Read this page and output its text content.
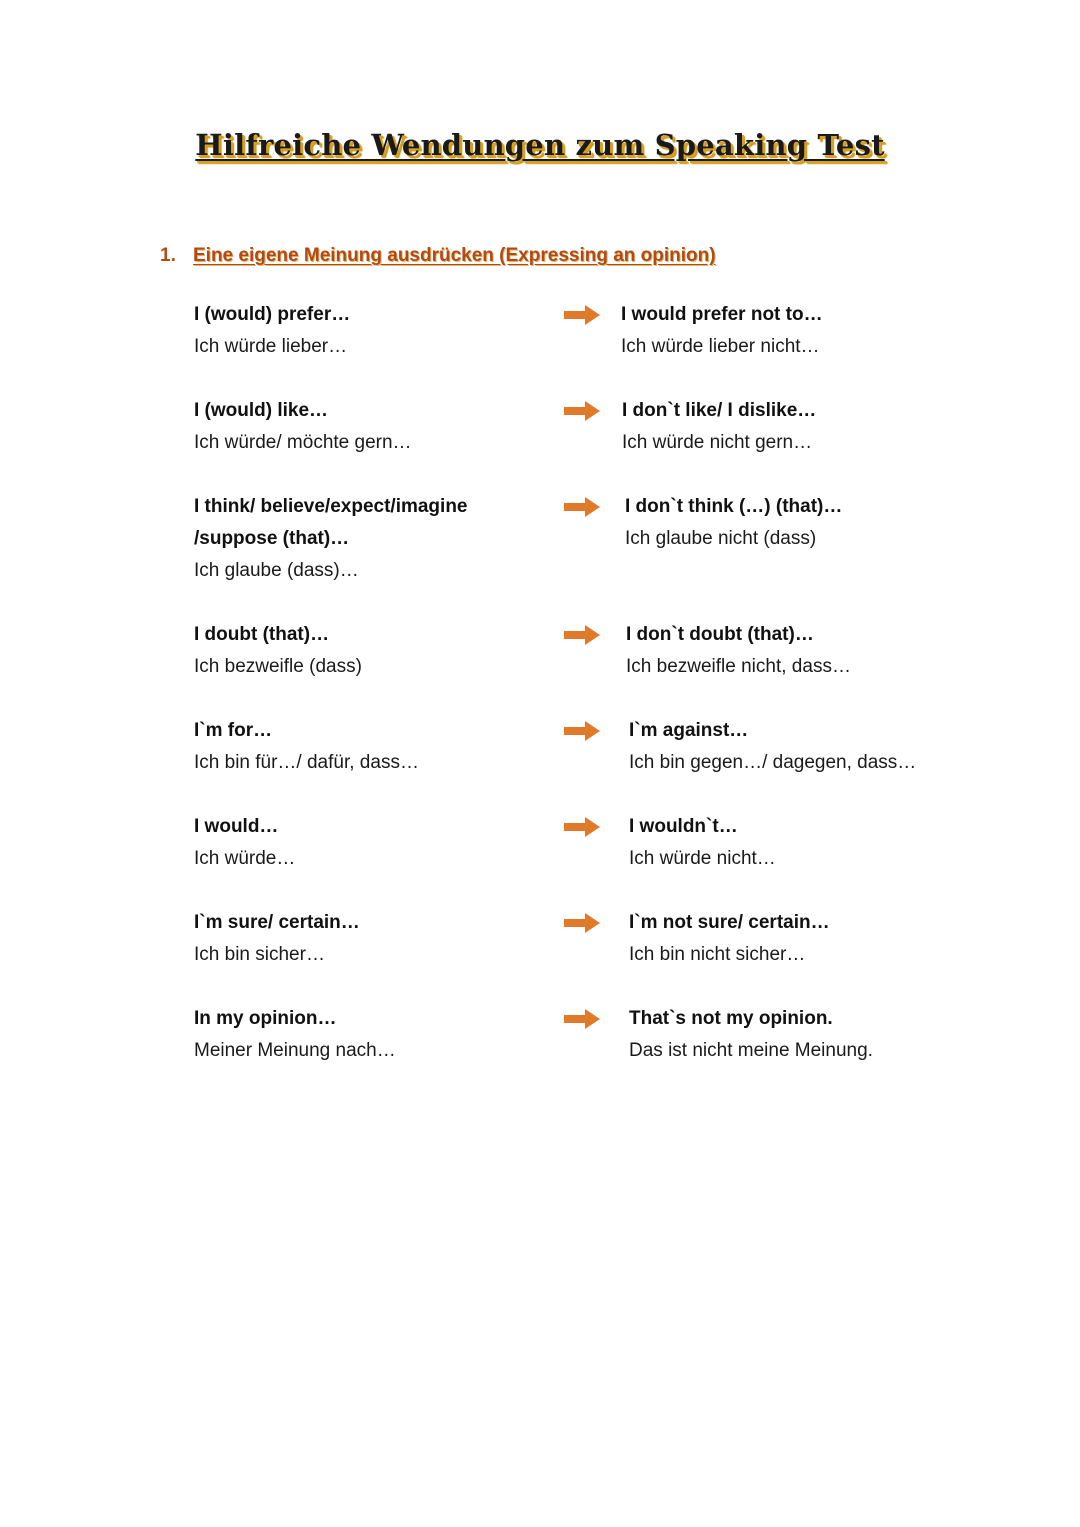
Hilfreiche Wendungen zum Speaking Test
1. Eine eigene Meinung ausdrücken (Expressing an opinion)
I (would) prefer…
Ich würde lieber…
I would prefer not to…
Ich würde lieber nicht…
I (would) like…
Ich würde/ möchte gern…
I don`t like/ I dislike…
Ich würde nicht gern…
I think/ believe/expect/imagine
/suppose (that)…
Ich glaube (dass)…
I don`t think (…) (that)…
Ich glaube nicht (dass)
I doubt (that)…
Ich bezweifle (dass)
I don`t doubt (that)…
Ich bezweifle nicht, dass…
I`m for…
Ich bin für…/ dafür, dass…
I`m against…
Ich bin gegen…/ dagegen, dass…
I would…
Ich würde…
I wouldn`t…
Ich würde nicht…
I`m sure/ certain…
Ich bin sicher…
I`m not sure/ certain…
Ich bin nicht sicher…
In my opinion…
Meiner Meinung nach…
That`s not my opinion.
Das ist nicht meine Meinung.
